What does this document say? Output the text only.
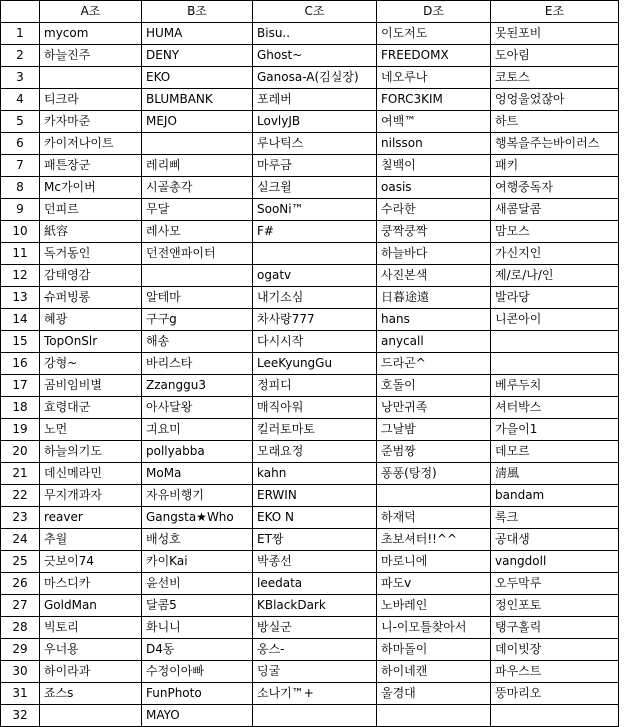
	A조	B조	C조	D조	E조
1	mycom	HUMA	Bisu..	이도저도	못된포비
2	하늘진주	DENY	Ghost~	FREEDOMX	도아림
3		EKO	Ganosa-A(김실장)	네오루나	코토스
4	티크라	BLUMBANK	포레버	FORC3KIM	엉엉울었잖아
5	카자마준	MEJO	LovlyJB	여백™	하트
6	카이저나이트		루나틱스	nilsson	행복을주는바이러스
7	패튼장군	레리삐	마루금	칠백이	패키
8	Mc가이버	시골총각	실크윌	oasis	여행중독자
9	던피르	무달	SooNi™	수라한	새콤달콤
10	紙容	레사모	F#	쿵짝쿵짝	맘모스
11	독거동인	던전앤파이터		하늘바다	가신지인
12	감태영감		ogatv	사진본색	제/로/나/인
13	슈퍼빙롱	알테마	내기소심	日暮途遠	발라당
14	혜광	구구g	차사랑777	hans	니콘아이
15	TopOnSlr	해송	다시시작	anycall	
16	강형~	바리스타	LeeKyungGu	드라곤^	
17	곰비임비별	Zzanggu3	정피디	호돌이	베루두치
18	효령대군	아사달왕	매직아워	낭만귀족	셔터박스
19	노먼	긔요미	킬러토마토	그날밤	가을이1
20	하늘의기도	pollyabba	모래요정	준범짱	데모르
21	데신메라민	MoMa	kahn	퐁퐁(탕정)	淸風
22	무지개과자	자유비행기	ERWIN		bandam
23	reaver	Gangsta★Who	EKO N	하재덕	록크
24	추월	배성호	ET짱	초보셔터!!^^	공대생
25	긋보이74	카이Kai	박종선	마로니에	vangdoll
26	마스디카	윤선비	leedata	파도v	오두막루
27	GoldMan	달콤5	KBlackDark	노바레인	정인포토
28	빅토리	화니니	방실군	니-이모틀찾아서	탱구홀릭
29	우너용	D4동	옹스-	하마돌이	데이빗장
30	하이라과	수정이아빠	딩굴	하이네캔	파우스트
31	죠스s	FunPhoto	소나기™+	울경대	뚱마리오
32		MAYO			
